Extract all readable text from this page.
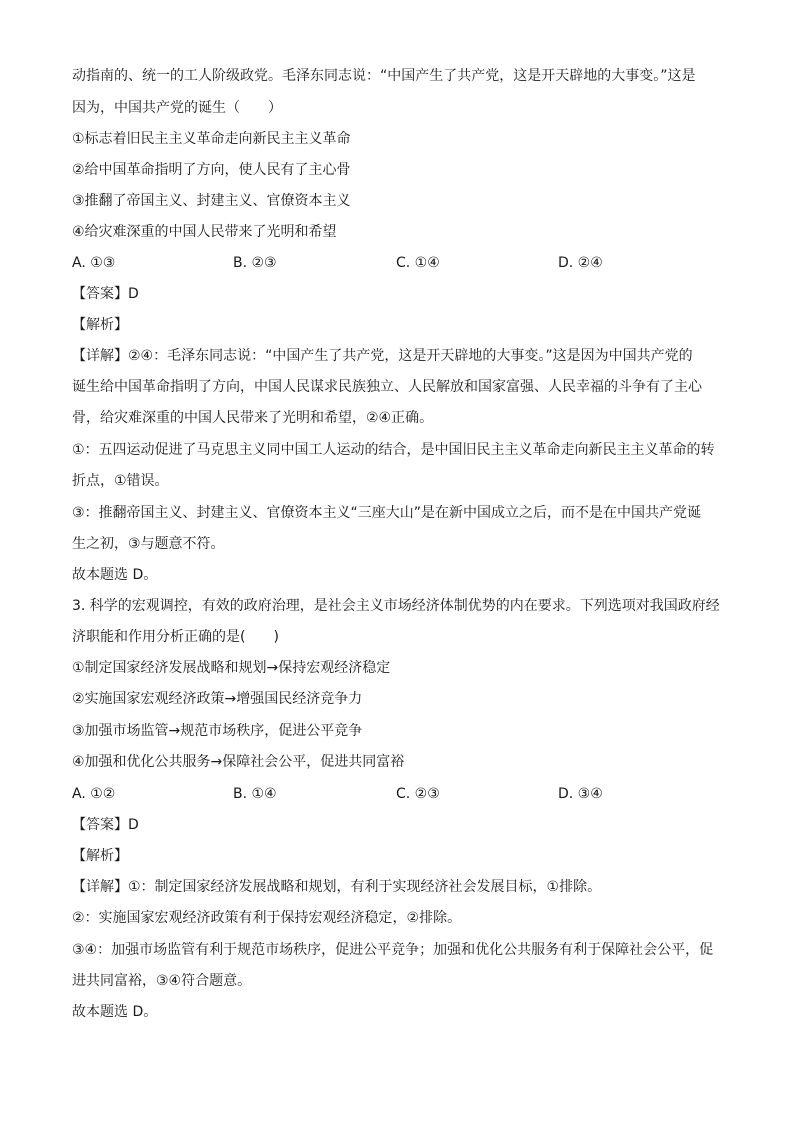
动指南的、统一的工人阶级政党。毛泽东同志说：“中国产生了共产党，这是开天辟地的大事变。”这是
因为，中国共产党的诞生（　　）
①标志着旧民主主义革命走向新民主主义革命
②给中国革命指明了方向，使人民有了主心骨
③推翻了帝国主义、封建主义、官僚资本主义
④给灾难深重的中国人民带来了光明和希望
A. ①③	B. ②③	C. ①④	D. ②④
【答案】D
【解析】
【详解】②④：毛泽东同志说：“中国产生了共产党，这是开天辟地的大事变。”这是因为中国共产党的
诞生给中国革命指明了方向，中国人民谋求民族独立、人民解放和国家富强、人民幸福的斗争有了主心
骨，给灾难深重的中国人民带来了光明和希望，②④正确。
①：五四运动促进了马克思主义同中国工人运动的结合，是中国旧民主主义革命走向新民主主义革命的转
折点，①错误。
③：推翻帝国主义、封建主义、官僚资本主义“三座大山”是在新中国成立之后，而不是在中国共产党诞
生之初，③与题意不符。
故本题选 D。
3. 科学的宏观调控，有效的政府治理，是社会主义市场经济体制优势的内在要求。下列选项对我国政府经
济职能和作用分析正确的是(　　)
①制定国家经济发展战略和规划→保持宏观经济稳定
②实施国家宏观经济政策→增强国民经济竞争力
③加强市场监管→规范市场秩序，促进公平竞争
④加强和优化公共服务→保障社会公平，促进共同富裕
A. ①②	B. ①④	C. ②③	D. ③④
【答案】D
【解析】
【详解】①：制定国家经济发展战略和规划，有利于实现经济社会发展目标，①排除。
②：实施国家宏观经济政策有利于保持宏观经济稳定，②排除。
③④：加强市场监管有利于规范市场秩序，促进公平竞争；加强和优化公共服务有利于保障社会公平，促
进共同富裕，③④符合题意。
故本题选 D。
